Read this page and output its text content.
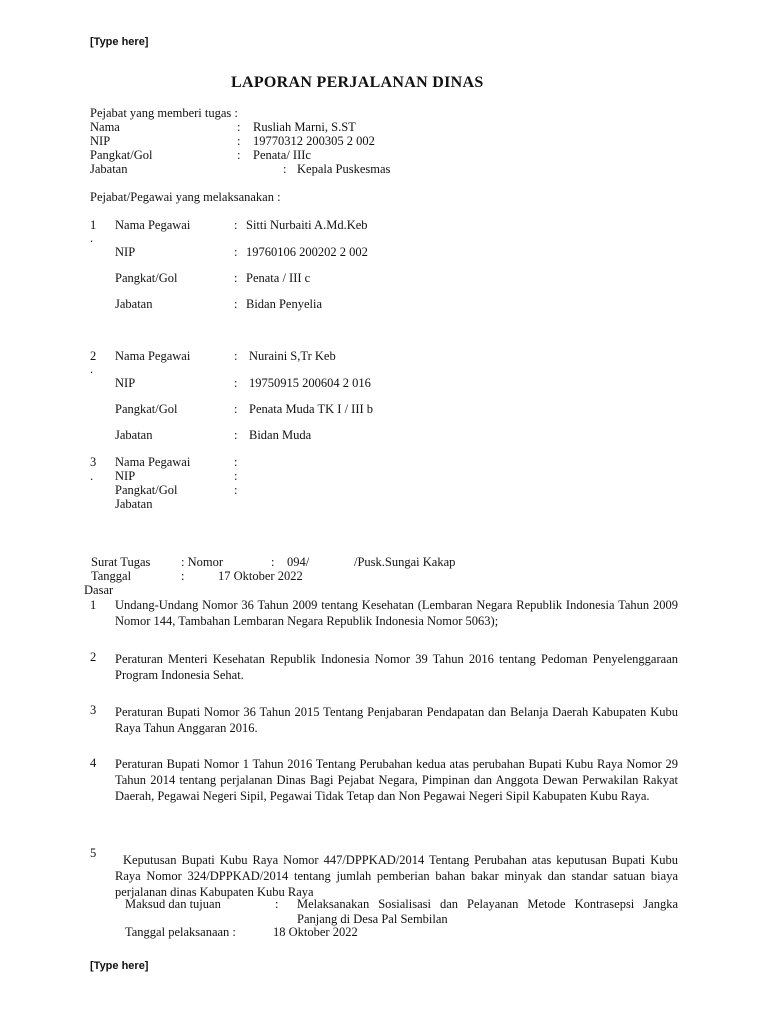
[Type here]
[Type here]
LAPORAN PERJALANAN DINAS
Pejabat yang memberi tugas :
Nama	: Rusliah Marni, S.ST
NIP	: 19770312 200305 2 002
Pangkat/Gol	: Penata/ IIIc
Jabatan	: Kepala Puskesmas
Pejabat/Pegawai yang melaksanakan :
1
.
Nama Pegawai	: Sitti Nurbaiti A.Md.Keb
NIP	: 19760106 200202 2 002
Pangkat/Gol	: Penata / III c
Jabatan	: Bidan Penyelia
2
.
Nama Pegawai	: Nuraini S,Tr Keb
NIP	: 19750915 200604 2 016
Pangkat/Gol	: Penata Muda TK I / III b
Jabatan	: Bidan Muda
3
.
Nama Pegawai	:
NIP	:
Pangkat/Gol	:
Jabatan
Surat Tugas : Nomor	: 094/	/Pusk.Sungai Kakap
Tanggal	:	17 Oktober 2022
Dasar
1 Undang-Undang Nomor 36 Tahun 2009 tentang Kesehatan (Lembaran Negara Republik Indonesia Tahun 2009 Nomor 144, Tambahan Lembaran Negara Republik Indonesia Nomor 5063);
2 Peraturan Menteri Kesehatan Republik Indonesia Nomor 39 Tahun 2016 tentang Pedoman Penyelenggaraan Program Indonesia Sehat.
3 Peraturan Bupati Nomor 36 Tahun 2015 Tentang Penjabaran Pendapatan dan Belanja Daerah Kabupaten Kubu Raya Tahun Anggaran 2016.
4 Peraturan Bupati Nomor 1 Tahun 2016 Tentang Perubahan kedua atas perubahan Bupati Kubu Raya Nomor 29 Tahun 2014 tentang perjalanan Dinas Bagi Pejabat Negara, Pimpinan dan Anggota Dewan Perwakilan Rakyat Daerah, Pegawai Negeri Sipil, Pegawai Tidak Tetap dan Non Pegawai Negeri Sipil Kabupaten Kubu Raya.
5	Keputusan Bupati Kubu Raya Nomor 447/DPPKAD/2014 Tentang Perubahan atas keputusan Bupati Kubu Raya Nomor 324/DPPKAD/2014 tentang jumlah pemberian bahan bakar minyak dan standar satuan biaya perjalanan dinas Kabupaten Kubu Raya
Maksud dan tujuan	: Melaksanakan Sosialisasi dan Pelayanan Metode Kontrasepsi Jangka Panjang di Desa Pal Sembilan
Tanggal pelaksanaan :	18 Oktober 2022
